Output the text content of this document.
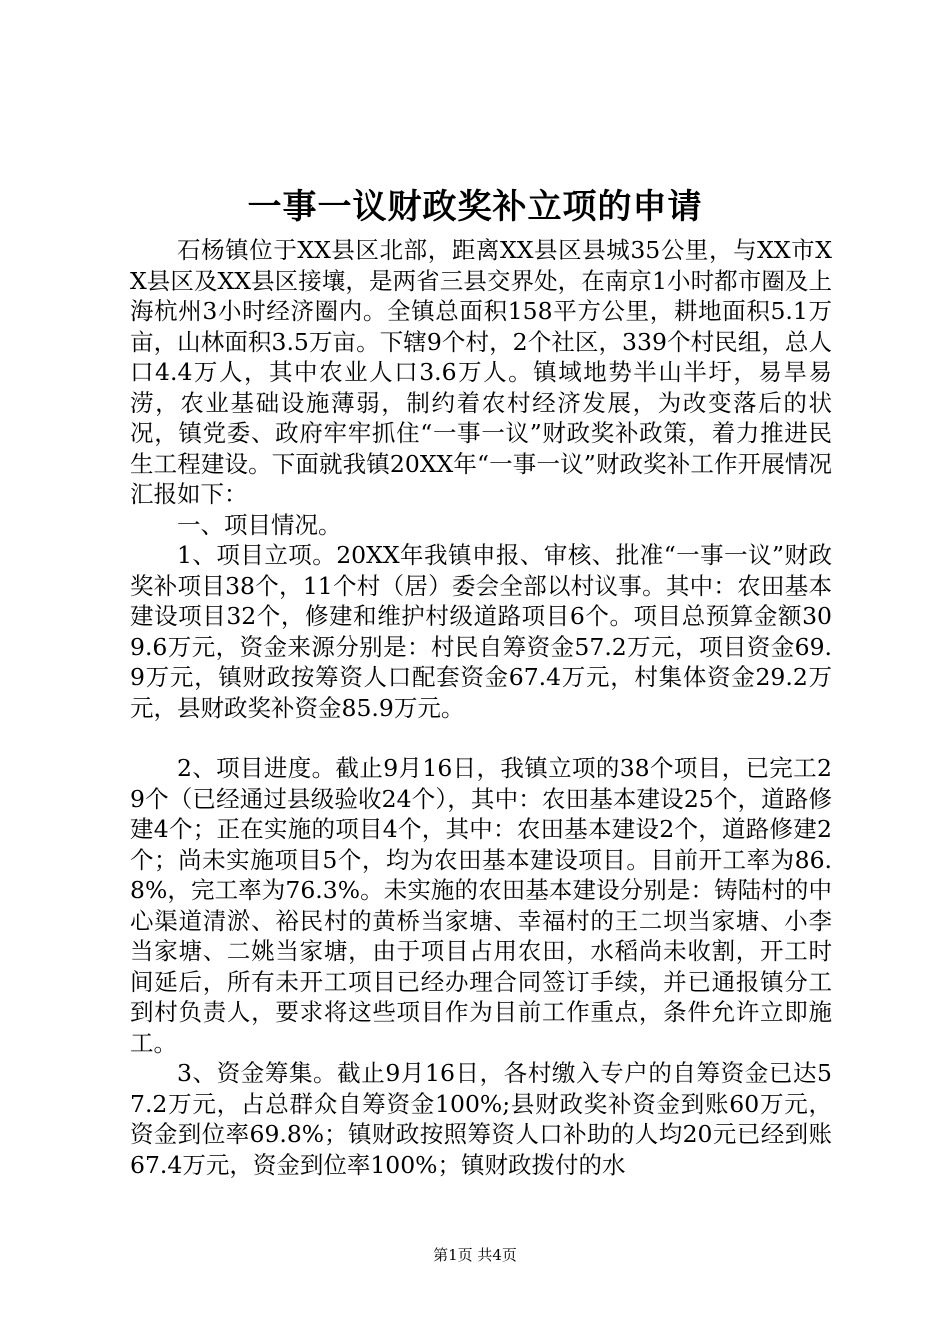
一事一议财政奖补立项的申请

石杨镇位于XX县区北部，距离XX县区县城35公里，与XX市XX县区及XX县区接壤，是两省三县交界处，在南京1小时都市圈及上海杭州3小时经济圈内。全镇总面积158平方公里，耕地面积5.1万亩，山林面积3.5万亩。下辖9个村，2个社区，339个村民组，总人口4.4万人，其中农业人口3.6万人。镇域地势半山半圩，易旱易涝，农业基础设施薄弱，制约着农村经济发展，为改变落后的状况，镇党委、政府牢牢抓住“一事一议”财政奖补政策，着力推进民生工程建设。下面就我镇20XX年“一事一议”财政奖补工作开展情况汇报如下：

一、项目情况。

1、项目立项。20XX年我镇申报、审核、批准“一事一议”财政奖补项目38个，11个村（居）委会全部以村议事。其中：农田基本建设项目32个，修建和维护村级道路项目6个。项目总预算金额309.6万元，资金来源分别是：村民自筹资金57.2万元，项目资金69.9万元，镇财政按筹资人口配套资金67.4万元，村集体资金29.2万元，县财政奖补资金85.9万元。

2、项目进度。截止9月16日，我镇立项的38个项目，已完工29个（已经通过县级验收24个），其中：农田基本建设25个，道路修建4个；正在实施的项目4个，其中：农田基本建设2个，道路修建2个；尚未实施项目5个，均为农田基本建设项目。目前开工率为86.8%，完工率为76.3%。未实施的农田基本建设分别是：铸陆村的中心渠道清淤、裕民村的黄桥当家塘、幸福村的王二坝当家塘、小李当家塘、二姚当家塘，由于项目占用农田，水稻尚未收割，开工时间延后，所有未开工项目已经办理合同签订手续，并已通报镇分工到村负责人，要求将这些项目作为目前工作重点，条件允许立即施工。

3、资金筹集。截止9月16日，各村缴入专户的自筹资金已达57.2万元，占总群众自筹资金100%;县财政奖补资金到账60万元，资金到位率69.8%；镇财政按照筹资人口补助的人均20元已经到账67.4万元，资金到位率100%；镇财政拨付的水

第1页 共4页
